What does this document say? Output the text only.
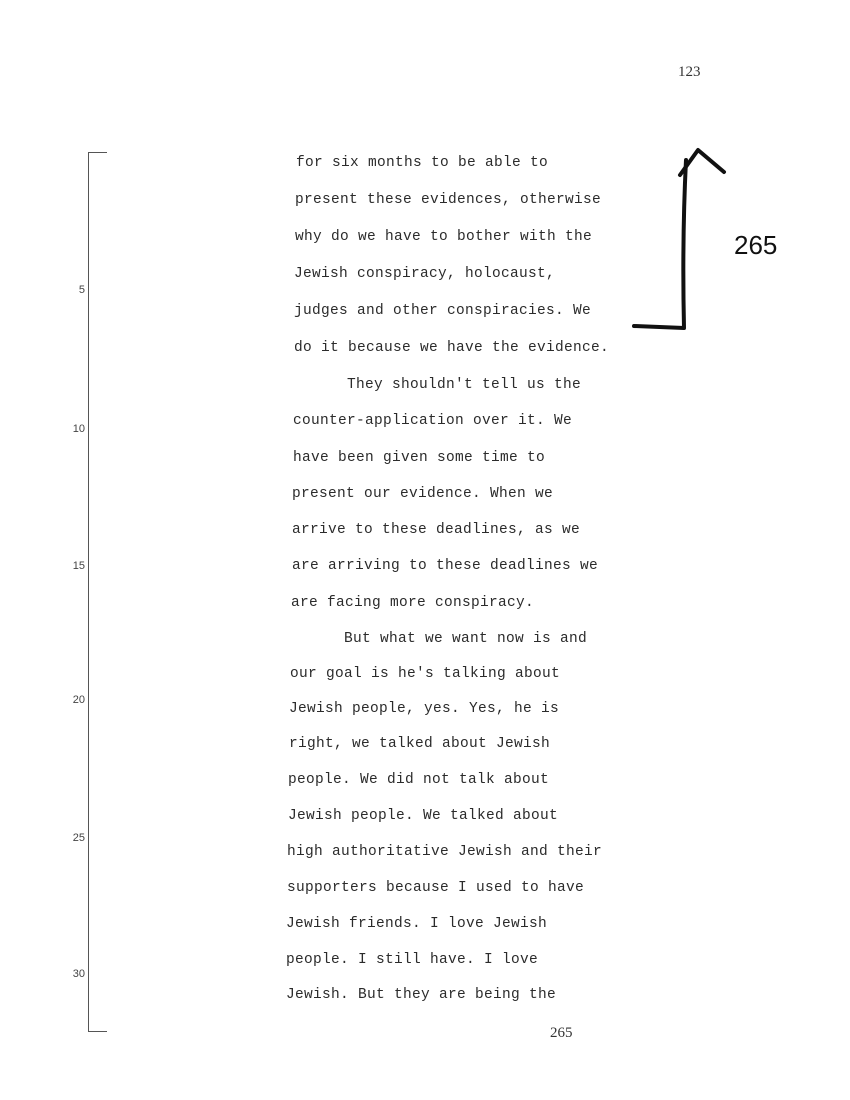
123
5
10
15
20
25
30
for six months to be able to
present these evidences, otherwise
why do we have to bother with the
Jewish conspiracy, holocaust,
judges and other conspiracies. We
do it because we have the evidence.
They shouldn't tell us the
counter-application over it. We
have been given some time to
present our evidence. When we
arrive to these deadlines, as we
are arriving to these deadlines we
are facing more conspiracy.
But what we want now is and
our goal is he's talking about
Jewish people, yes. Yes, he is
right, we talked about Jewish
people. We did not talk about
Jewish people. We talked about
high authoritative Jewish and their
supporters because I used to have
Jewish friends. I love Jewish
people. I still have. I love
Jewish. But they are being the
265
265
